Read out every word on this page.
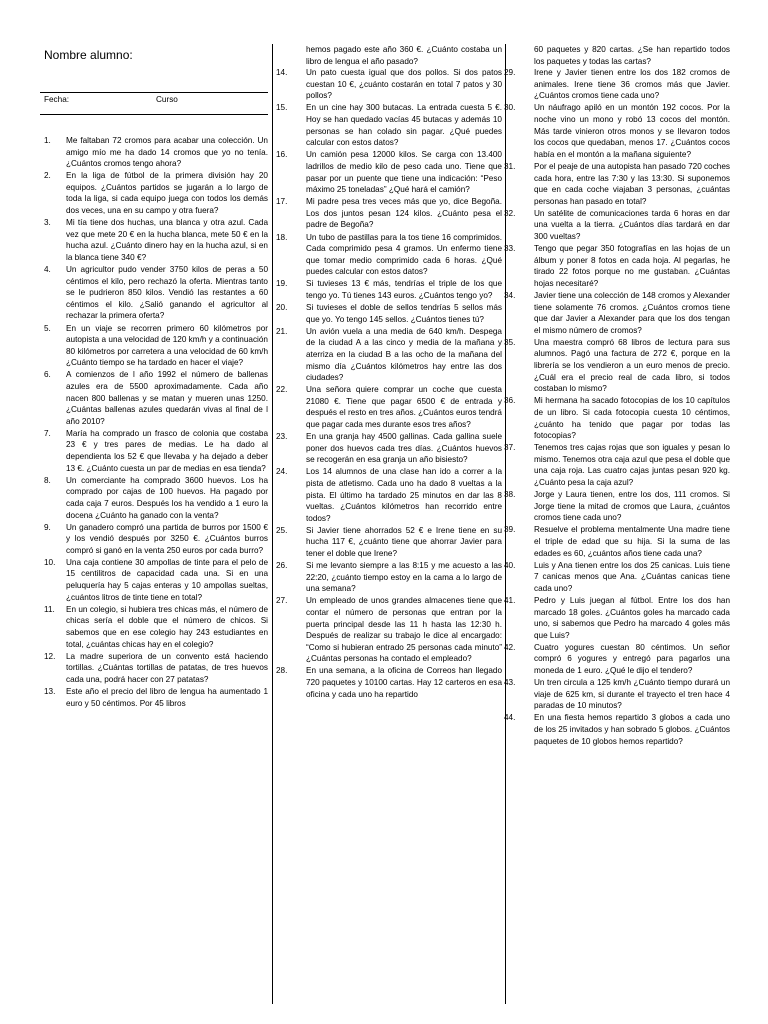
Nombre alumno:
Fecha:	Curso
1. Me faltaban 72 cromos para acabar una colección. Un amigo mío me ha dado 14 cromos que yo no tenía. ¿Cuántos cromos tengo ahora?
2. En la liga de fútbol de la primera división hay 20 equipos. ¿Cuántos partidos se jugarán a lo largo de toda la liga, si cada equipo juega con todos los demás dos veces, una en su campo y otra fuera?
3. Mi tía tiene dos huchas, una blanca y otra azul. Cada vez que mete 20 € en la hucha blanca, mete 50 € en la hucha azul. ¿Cuánto dinero hay en la hucha azul, si en la blanca tiene 340 €?
4. Un agricultor pudo vender 3750 kilos de peras a 50 céntimos el kilo, pero rechazó la oferta. Mientras tanto se le pudrieron 850 kilos. Vendió las restantes a 60 céntimos el kilo. ¿Salió ganando el agricultor al rechazar la primera oferta?
5. En un viaje se recorren primero 60 kilómetros por autopista a una velocidad de 120 km/h y a continuación 80 kilómetros por carretera a una velocidad de 60 km/h ¿Cuánto tiempo se ha tardado en hacer el viaje?
6. A comienzos de l año 1992 el número de ballenas azules era de 5500 aproximadamente. Cada año nacen 800 ballenas y se matan y mueren unas 1250. ¿Cuántas ballenas azules quedarán vivas al final de l año 2010?
7. María ha comprado un frasco de colonia que costaba 23 € y tres pares de medias. Le ha dado al dependienta los 52 € que llevaba y ha dejado a deber 13 €. ¿Cuánto cuesta un par de medias en esa tienda?
8. Un comerciante ha comprado 3600 huevos. Los ha comprado por cajas de 100 huevos. Ha pagado por cada caja 7 euros. Después los ha vendido a 1 euro la docena ¿Cuánto ha ganado con la venta?
9. Un ganadero compró una partida de burros por 1500 € y los vendió después por 3250 €. ¿Cuántos burros compró si ganó en la venta 250 euros por cada burro?
10. Una caja contiene 30 ampollas de tinte para el pelo de 15 centilitros de capacidad cada una. Si en una peluquería hay 5 cajas enteras y 10 ampollas sueltas, ¿cuántos litros de tinte tiene en total?
11. En un colegio, si hubiera tres chicas más, el número de chicas sería el doble que el número de chicos. Si sabemos que en ese colegio hay 243 estudiantes en total, ¿cuántas chicas hay en el colegio?
12. La madre superiora de un convento está haciendo tortillas. ¿Cuántas tortillas de patatas, de tres huevos cada una, podrá hacer con 27 patatas?
13. Este año el precio del libro de lengua ha aumentado 1 euro y 50 céntimos. Por 45 libros
hemos pagado este año 360 €. ¿Cuánto costaba un libro de lengua el año pasado?
14. Un pato cuesta igual que dos pollos. Si dos patos cuestan 10 €, ¿cuánto costarán en total 7 patos y 30 pollos?
15. En un cine hay 300 butacas. La entrada cuesta 5 €. Hoy se han quedado vacías 45 butacas y además 10 personas se han colado sin pagar. ¿Qué puedes calcular con estos datos?
16. Un camión pesa 12000 kilos. Se carga con 13.400 ladrillos de medio kilo de peso cada uno. Tiene que pasar por un puente que tiene una indicación: “Peso máximo 25 toneladas” ¿Qué hará el camión?
17. Mi padre pesa tres veces más que yo, dice Begoña. Los dos juntos pesan 124 kilos. ¿Cuánto pesa el padre de Begoña?
18. Un tubo de pastillas para la tos tiene 16 comprimidos. Cada comprimido pesa 4 gramos. Un enfermo tiene que tomar medio comprimido cada 6 horas. ¿Qué puedes calcular con estos datos?
19. Si tuvieses 13 € más, tendrías el triple de los que tengo yo. Tú tienes 143 euros. ¿Cuántos tengo yo?
20. Si tuvieses el doble de sellos tendrías 5 sellos más que yo. Yo tengo 145 sellos. ¿Cuántos tienes tú?
21. Un avión vuela a una media de 640 km/h. Despega de la ciudad A a las cinco y media de la mañana y aterriza en la ciudad B a las ocho de la mañana del mismo día ¿Cuántos kilómetros hay entre las dos ciudades?
22. Una señora quiere comprar un coche que cuesta 21080 €. Tiene que pagar 6500 € de entrada y después el resto en tres años. ¿Cuántos euros tendrá que pagar cada mes durante esos tres años?
23. En una granja hay 4500 gallinas. Cada gallina suele poner dos huevos cada tres días. ¿Cuántos huevos se recogerán en esa granja un año bisiesto?
24. Los 14 alumnos de una clase han ido a correr a la pista de atletismo. Cada uno ha dado 8 vueltas a la pista. El último ha tardado 25 minutos en dar las 8 vueltas. ¿Cuántos kilómetros han recorrido entre todos?
25. Si Javier tiene ahorrados 52 € e Irene tiene en su hucha 117 €, ¿cuánto tiene que ahorrar Javier para tener el doble que Irene?
26. Si me levanto siempre a las 8:15 y me acuesto a las 22:20, ¿cuánto tiempo estoy en la cama a lo largo de una semana?
27. Un empleado de unos grandes almacenes tiene que contar el número de personas que entran por la puerta principal desde las 11 h hasta las 12:30 h. Después de realizar su trabajo le dice al encargado: “Como si hubieran entrado 25 personas cada minuto” ¿Cuántas personas ha contado el empleado?
28. En una semana, a la oficina de Correos han llegado 720 paquetes y 10100 cartas. Hay 12 carteros en esa oficina y cada uno ha repartido
60 paquetes y 820 cartas. ¿Se han repartido todos los paquetes y todas las cartas?
29. Irene y Javier tienen entre los dos 182 cromos de animales. Irene tiene 36 cromos más que Javier. ¿Cuántos cromos tiene cada uno?
30. Un náufrago apiló en un montón 192 cocos. Por la noche vino un mono y robó 13 cocos del montón. Más tarde vinieron otros monos y se llevaron todos los cocos que quedaban, menos 17. ¿Cuántos cocos había en el montón a la mañana siguiente?
31. Por el peaje de una autopista han pasado 720 coches cada hora, entre las 7:30 y las 13:30. Si suponemos que en cada coche viajaban 3 personas, ¿cuántas personas han pasado en total?
32. Un satélite de comunicaciones tarda 6 horas en dar una vuelta a la tierra. ¿Cuántos días tardará en dar 300 vueltas?
33. Tengo que pegar 350 fotografías en las hojas de un álbum y poner 8 fotos en cada hoja. Al pegarlas, he tirado 22 fotos porque no me gustaban. ¿Cuántas hojas necesitaré?
34. Javier tiene una colección de 148 cromos y Alexander tiene solamente 76 cromos. ¿Cuántos cromos tiene que dar Javier a Alexander para que los dos tengan el mismo número de cromos?
35. Una maestra compró 68 libros de lectura para sus alumnos. Pagó una factura de 272 €, porque en la librería se los vendieron a un euro menos de precio. ¿Cuál era el precio real de cada libro, si todos costaban lo mismo?
36. Mi hermana ha sacado fotocopias de los 10 capítulos de un libro. Si cada fotocopia cuesta 10 céntimos, ¿cuánto ha tenido que pagar por todas las fotocopias?
37. Tenemos tres cajas rojas que son iguales y pesan lo mismo. Tenemos otra caja azul que pesa el doble que una caja roja. Las cuatro cajas juntas pesan 920 kg. ¿Cuánto pesa la caja azul?
38. Jorge y Laura tienen, entre los dos, 111 cromos. Si Jorge tiene la mitad de cromos que Laura, ¿cuántos cromos tiene cada uno?
39. Resuelve el problema mentalmente Una madre tiene el triple de edad que su hija. Si la suma de las edades es 60, ¿cuántos años tiene cada una?
40. Luis y Ana tienen entre los dos 25 canicas. Luis tiene 7 canicas menos que Ana. ¿Cuántas canicas tiene cada uno?
41. Pedro y Luis juegan al fútbol. Entre los dos han marcado 18 goles. ¿Cuántos goles ha marcado cada uno, si sabemos que Pedro ha marcado 4 goles más que Luis?
42. Cuatro yogures cuestan 80 céntimos. Un señor compró 6 yogures y entregó para pagarlos una moneda de 1 euro. ¿Qué le dijo el tendero?
43. Un tren circula a 125 km/h ¿Cuánto tiempo durará un viaje de 625 km, si durante el trayecto el tren hace 4 paradas de 10 minutos?
44. En una fiesta hemos repartido 3 globos a cada uno de los 25 invitados y han sobrado 5 globos. ¿Cuántos paquetes de 10 globos hemos repartido?
